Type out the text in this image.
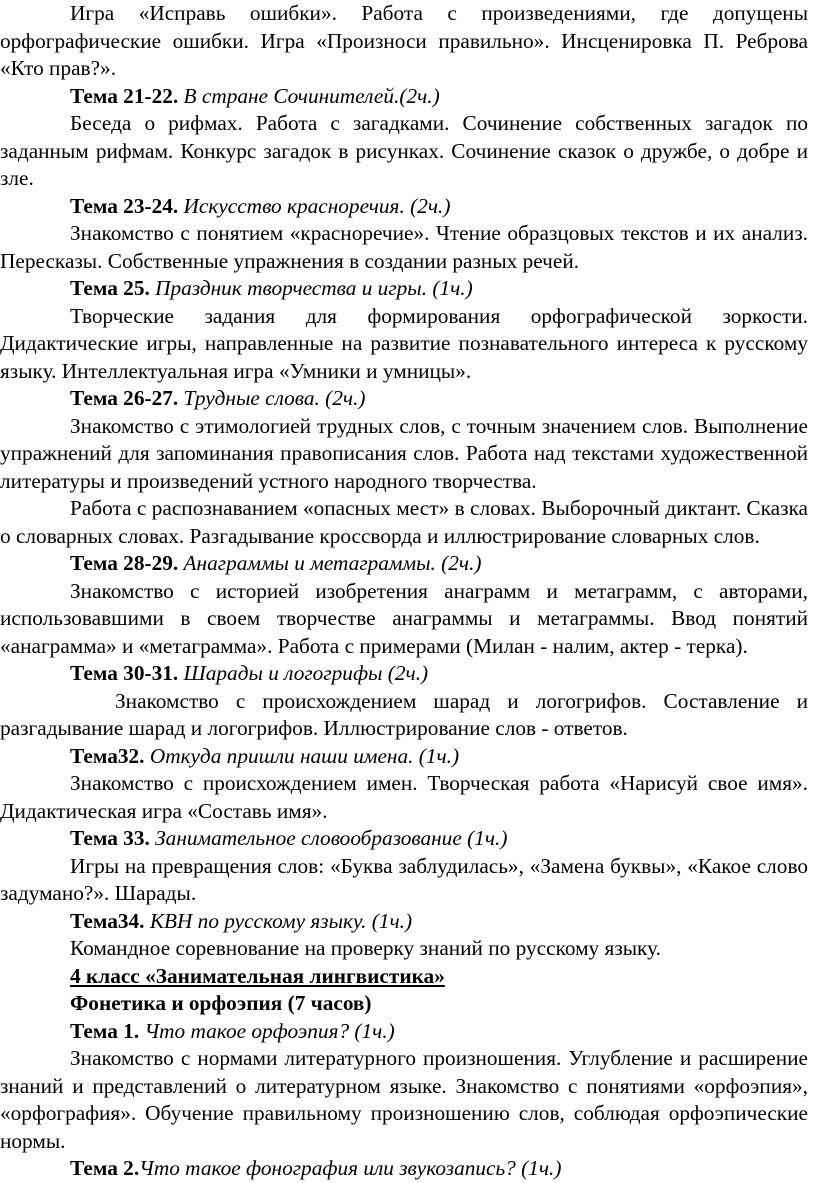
Игра «Исправь ошибки». Работа с произведениями, где допущены орфографические ошибки. Игра «Произноси правильно». Инсценировка П. Реброва «Кто прав?».

Тема 21-22. В стране Сочинителей.(2ч.)

Беседа о рифмах. Работа с загадками. Сочинение собственных загадок по заданным рифмам. Конкурс загадок в рисунках. Сочинение сказок о дружбе, о добре и зле.

Тема 23-24. Искусство красноречия. (2ч.)

Знакомство с понятием «красноречие». Чтение образцовых текстов и их анализ. Пересказы. Собственные упражнения в создании разных речей.

Тема 25. Праздник творчества и игры. (1ч.)

Творческие задания для формирования орфографической зоркости. Дидактические игры, направленные на развитие познавательного интереса к русскому языку. Интеллектуальная игра «Умники и умницы».

Тема 26-27. Трудные слова. (2ч.)

Знакомство с этимологией трудных слов, с точным значением слов. Выполнение упражнений для запоминания правописания слов. Работа над текстами художественной литературы и произведений устного народного творчества.

Работа с распознаванием «опасных мест» в словах. Выборочный диктант. Сказка о словарных словах. Разгадывание кроссворда и иллюстрирование словарных слов.

Тема 28-29. Анаграммы и метаграммы. (2ч.)

Знакомство с историей изобретения анаграмм и метаграмм, с авторами, использовавшими в своем творчестве анаграммы и метаграммы. Ввод понятий «анаграмма» и «метаграмма». Работа с примерами (Милан - налим, актер - терка).

Тема 30-31. Шарады и логогрифы (2ч.)

Знакомство с происхождением шарад и логогрифов. Составление и разгадывание шарад и логогрифов. Иллюстрирование слов - ответов.

Тема32. Откуда пришли наши имена. (1ч.)

Знакомство с происхождением имен. Творческая работа «Нарисуй свое имя». Дидактическая игра «Составь имя».

Тема 33. Занимательное словообразование (1ч.)

Игры на превращения слов: «Буква заблудилась», «Замена буквы», «Какое слово задумано?». Шарады.

Тема34. КВН по русскому языку. (1ч.)

Командное соревнование на проверку знаний по русскому языку.

4 класс «Занимательная лингвистика»

Фонетика и орфоэпия (7 часов)

Тема 1. Что такое орфоэпия? (1ч.)

Знакомство с нормами литературного произношения. Углубление и расширение знаний и представлений о литературном языке. Знакомство с понятиями «орфоэпия», «орфография». Обучение правильному произношению слов, соблюдая орфоэпические нормы.

Тема 2.Что такое фонография или звукозапись? (1ч.)
